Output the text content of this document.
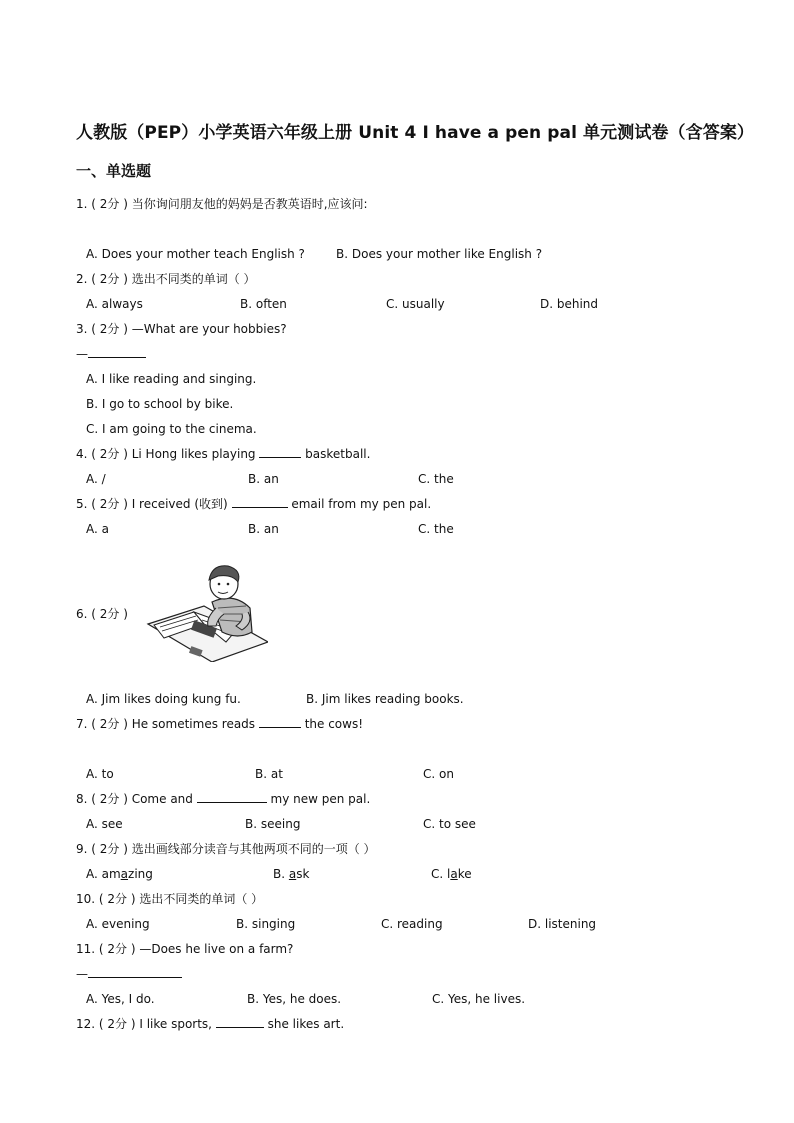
人教版（PEP）小学英语六年级上册 Unit 4 I have a pen pal 单元测试卷（含答案）
一、单选题
1. ( 2分 ) 当你询问朋友他的妈妈是否教英语时,应该问:
A. Does your mother teach English ?	B. Does your mother like English ?
2. ( 2分 ) 选出不同类的单词（ ）
A. always	B. often	C. usually	D. behind
3. ( 2分 ) —What are your hobbies?
—
A. I like reading and singing.
B. I go to school by bike.
C. I am going to the cinema.
4. ( 2分 ) Li Hong likes playing	basketball.
A. /	B. an	C. the
5. ( 2分 ) I received (收到)	email from my pen pal.
A. a	B. an	C. the
6. ( 2分 )
A. Jim likes doing kung fu.	B. Jim likes reading books.
7. ( 2分 ) He sometimes reads	the cows!
A. to	B. at	C. on
8. ( 2分 ) Come and	my new pen pal.
A. see	B. seeing	C. to see
9. ( 2分 ) 选出画线部分读音与其他两项不同的一项（ ）
A. amazing	B. ask	C. lake
10. ( 2分 ) 选出不同类的单词（ ）
A. evening	B. singing	C. reading	D. listening
11. ( 2分 ) —Does he live on a farm?
—
A. Yes, I do.	B. Yes, he does.	C. Yes, he lives.
12. ( 2分 ) I like sports,	she likes art.
